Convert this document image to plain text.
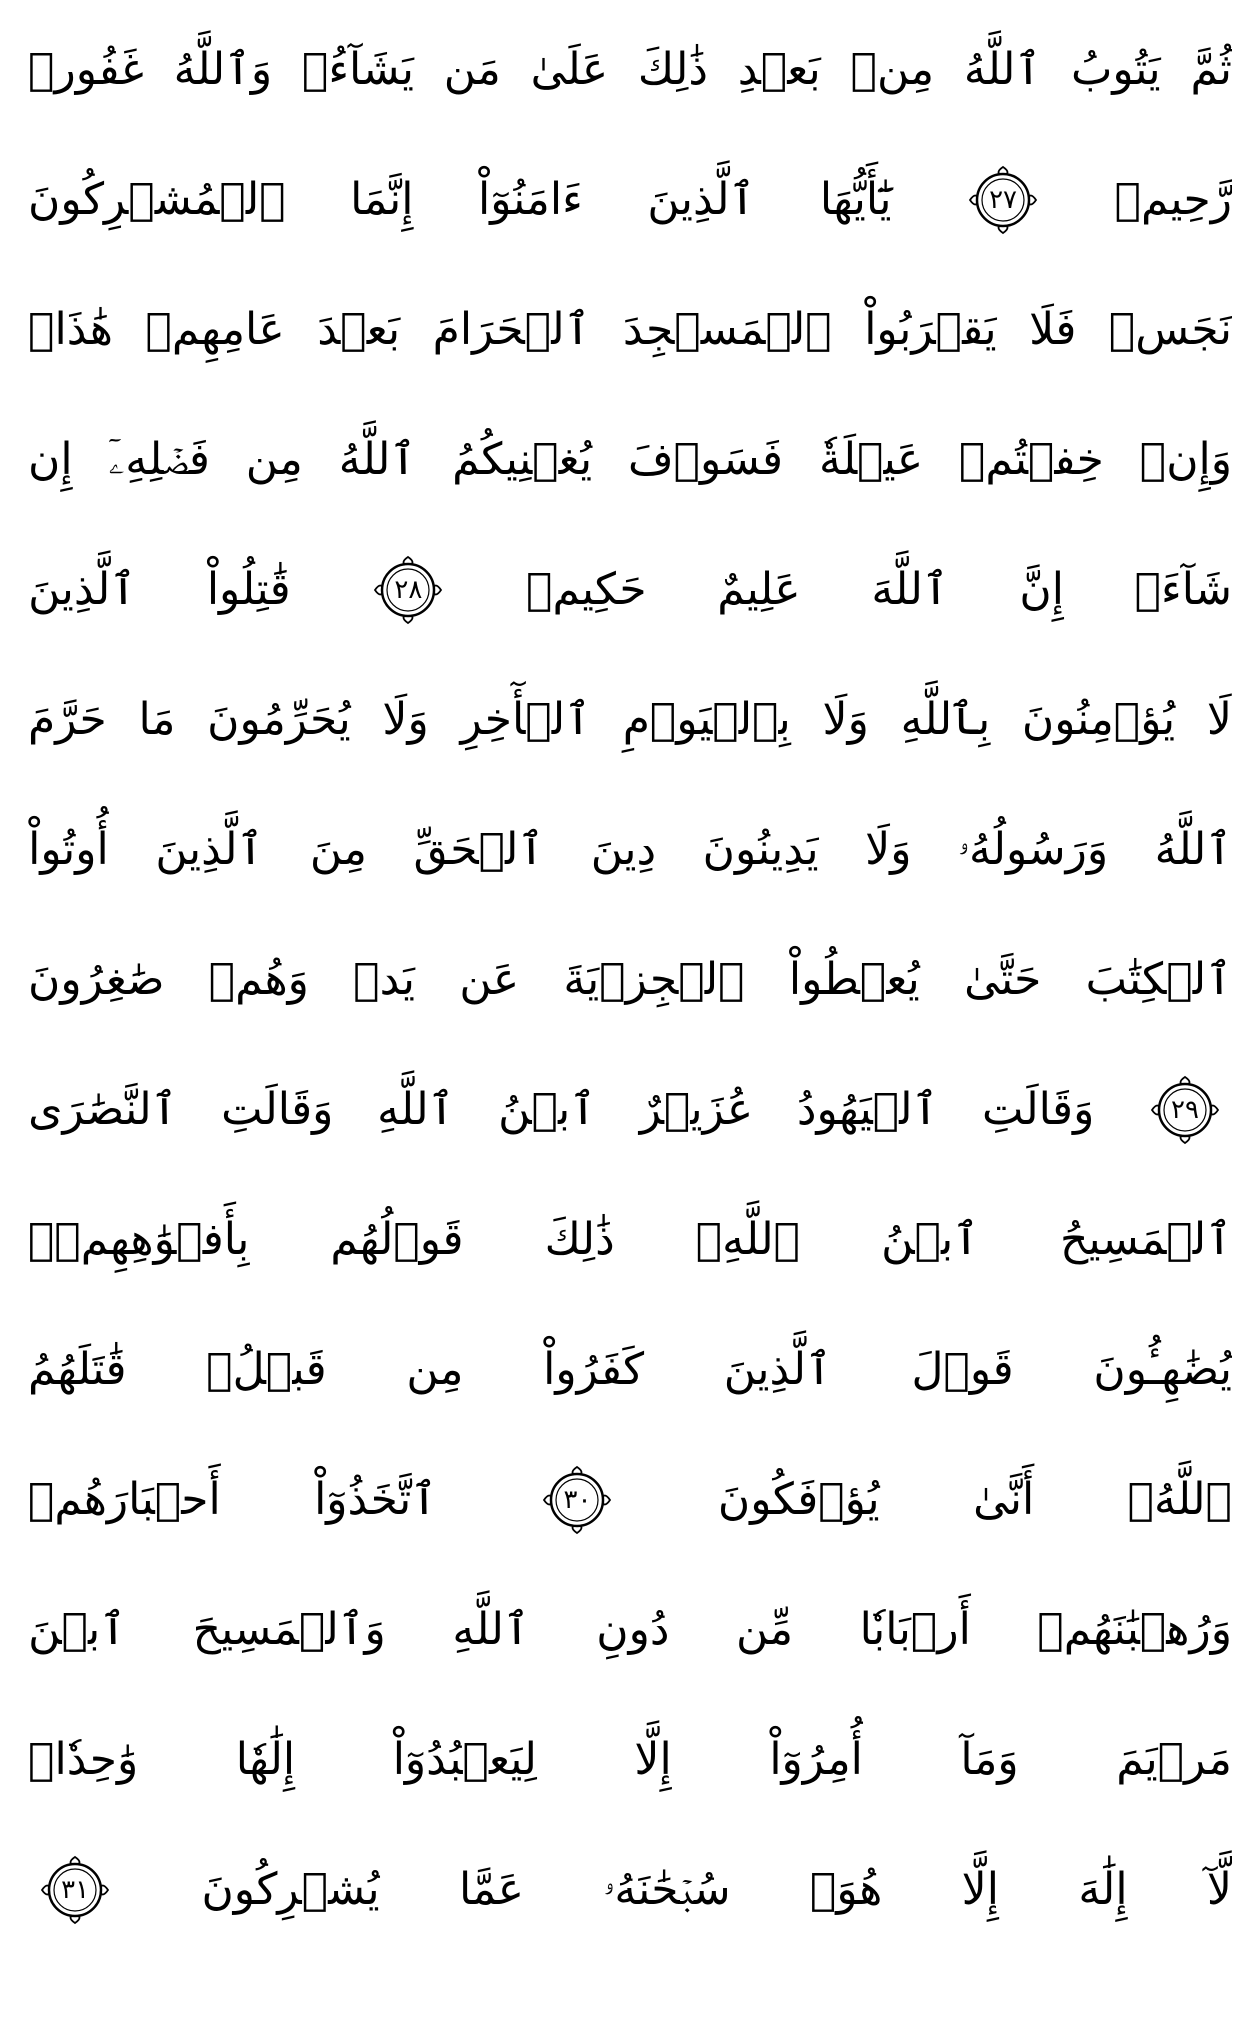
ثُمَّ
يَتُوبُ
ٱللَّهُ
مِنۢ
بَعۡدِ
ذَٰلِكَ
عَلَىٰ
مَن
يَشَآءُۗ
وَٱللَّهُ
غَفُورٞ
رَّحِيمٞ
٢٧
يَٰٓأَيُّهَا
ٱلَّذِينَ
ءَامَنُوٓاْ
إِنَّمَا
ٱلۡمُشۡرِكُونَ
نَجَسٞ
فَلَا
يَقۡرَبُواْ
ٱلۡمَسۡجِدَ
ٱلۡحَرَامَ
بَعۡدَ
عَامِهِمۡ
هَٰذَاۚ
وَإِنۡ
خِفۡتُمۡ
عَيۡلَةٗ
فَسَوۡفَ
يُغۡنِيكُمُ
ٱللَّهُ
مِن
فَضۡلِهِۦٓ
إِن
شَآءَۚ
إِنَّ
ٱللَّهَ
عَلِيمٌ
حَكِيمٞ
٢٨
قَٰتِلُواْ
ٱلَّذِينَ
لَا
يُؤۡمِنُونَ
بِٱللَّهِ
وَلَا
بِٱلۡيَوۡمِ
ٱلۡأٓخِرِ
وَلَا
يُحَرِّمُونَ
مَا
حَرَّمَ
ٱللَّهُ
وَرَسُولُهُۥ
وَلَا
يَدِينُونَ
دِينَ
ٱلۡحَقِّ
مِنَ
ٱلَّذِينَ
أُوتُواْ
ٱلۡكِتَٰبَ
حَتَّىٰ
يُعۡطُواْ
ٱلۡجِزۡيَةَ
عَن
يَدٖ
وَهُمۡ
صَٰغِرُونَ
٢٩
وَقَالَتِ
ٱلۡيَهُودُ
عُزَيۡرٌ
ٱبۡنُ
ٱللَّهِ
وَقَالَتِ
ٱلنَّصَٰرَى
ٱلۡمَسِيحُ
ٱبۡنُ
ٱللَّهِۖ
ذَٰلِكَ
قَوۡلُهُم
بِأَفۡوَٰهِهِمۡۖ
يُضَٰهِـُٔونَ
قَوۡلَ
ٱلَّذِينَ
كَفَرُواْ
مِن
قَبۡلُۚ
قَٰتَلَهُمُ
ٱللَّهُۖ
أَنَّىٰ
يُؤۡفَكُونَ
٣٠
ٱتَّخَذُوٓاْ
أَحۡبَارَهُمۡ
وَرُهۡبَٰنَهُمۡ
أَرۡبَابٗا
مِّن
دُونِ
ٱللَّهِ
وَٱلۡمَسِيحَ
ٱبۡنَ
مَرۡيَمَ
وَمَآ
أُمِرُوٓاْ
إِلَّا
لِيَعۡبُدُوٓاْ
إِلَٰهٗا
وَٰحِدٗاۖ
لَّآ
إِلَٰهَ
إِلَّا
هُوَۚ
سُبۡحَٰنَهُۥ
عَمَّا
يُشۡرِكُونَ
٣١
